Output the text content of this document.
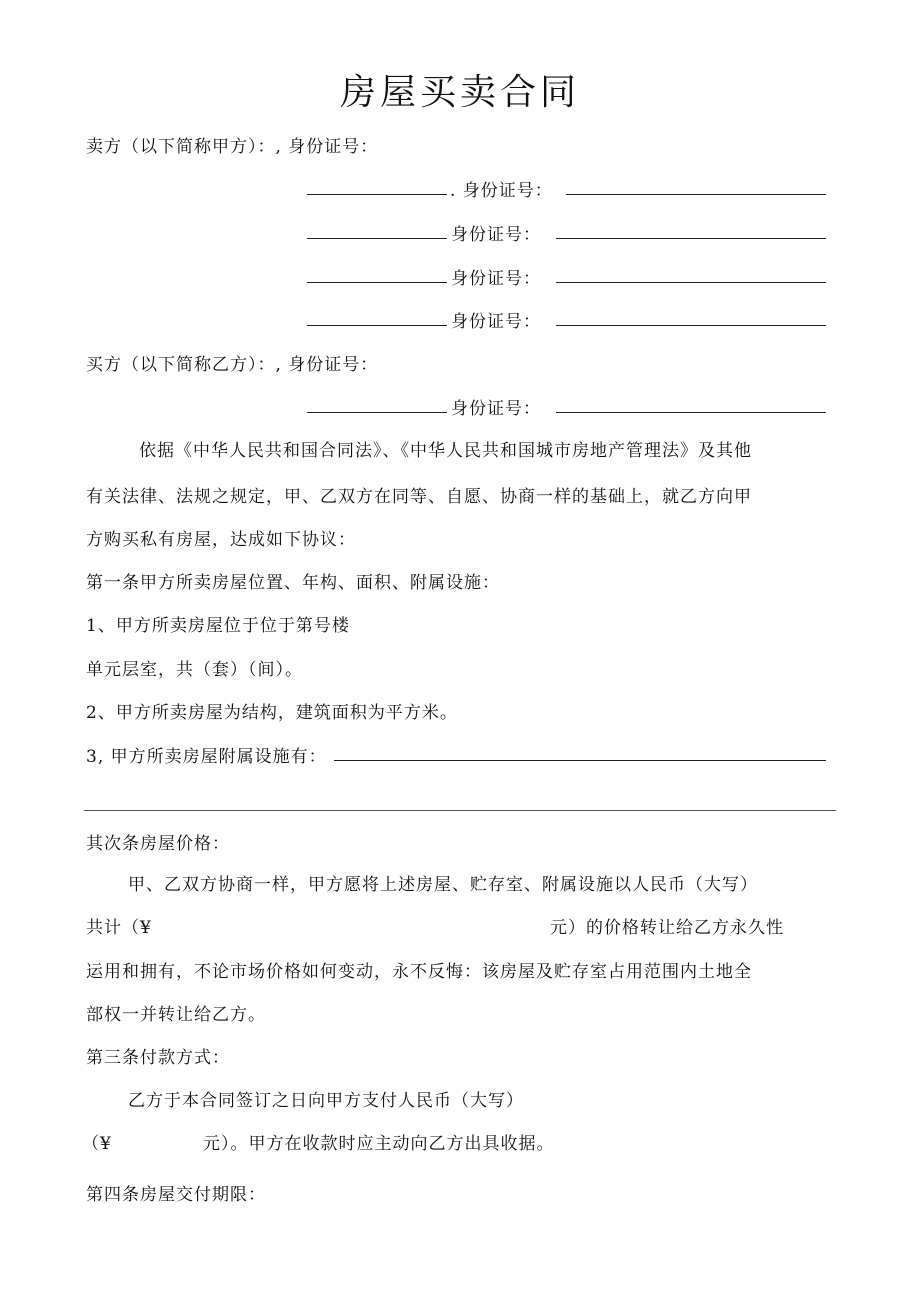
房屋买卖合同
卖方（以下简称甲方）：, 身份证号：
. 身份证号：
身份证号：
身份证号：
身份证号：
买方（以下简称乙方）：, 身份证号：
身份证号：
依据《中华人民共和国合同法》、《中华人民共和国城市房地产管理法》及其他
有关法律、法规之规定，甲、乙双方在同等、自愿、协商一样的基础上，就乙方向甲
方购买私有房屋，达成如下协议：
第一条甲方所卖房屋位置、年构、面积、附属设施：
1、甲方所卖房屋位于位于第号楼
单元层室，共（套）（间）。
2、甲方所卖房屋为结构，建筑面积为平方米。
3, 甲方所卖房屋附属设施有：
其次条房屋价格：
甲、乙双方协商一样，甲方愿将上述房屋、贮存室、附属设施以人民币（大写）
共计（¥	元）的价格转让给乙方永久性
运用和拥有，不论市场价格如何变动，永不反悔：该房屋及贮存室占用范围内土地全
部权一并转让给乙方。
第三条付款方式：
乙方于本合同签订之日向甲方支付人民币（大写）
（¥	元）。甲方在收款时应主动向乙方出具收据。
第四条房屋交付期限：
